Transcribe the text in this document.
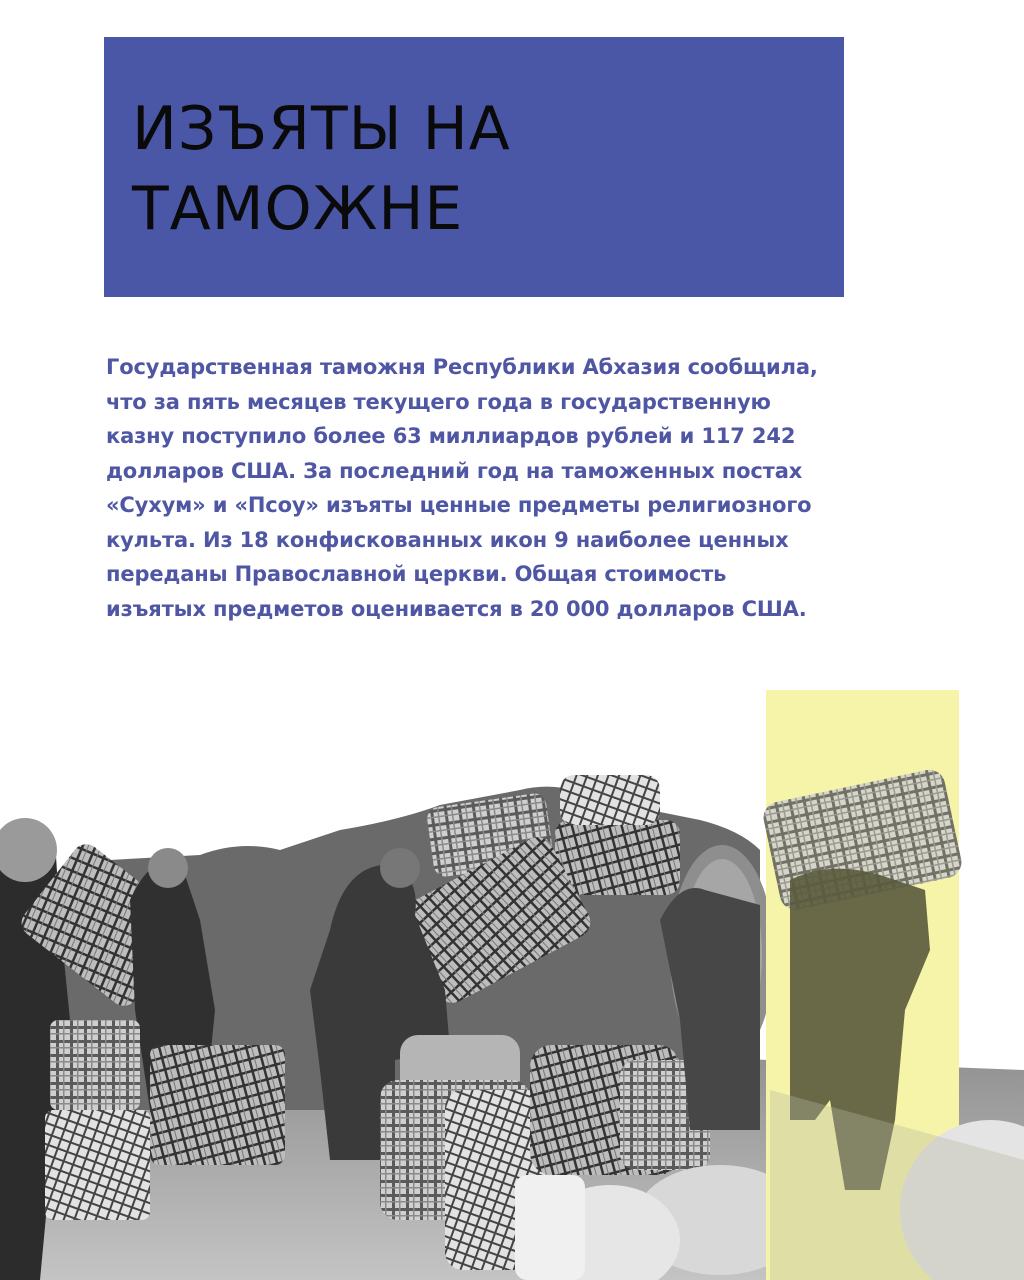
ИЗЪЯТЫ НА
ТАМОЖНЕ
Государственная таможня Республики Абхазия сообщила,
что за пять месяцев текущего года в государственную
казну поступило более 63 миллиардов рублей и 117 242
долларов США. За последний год на таможенных постах
«Сухум» и «Псоу» изъяты ценные предметы религиозного
культа. Из 18 конфискованных икон 9 наиболее ценных
переданы Православной церкви. Общая стоимость
изъятых предметов оценивается в 20 000 долларов США.
